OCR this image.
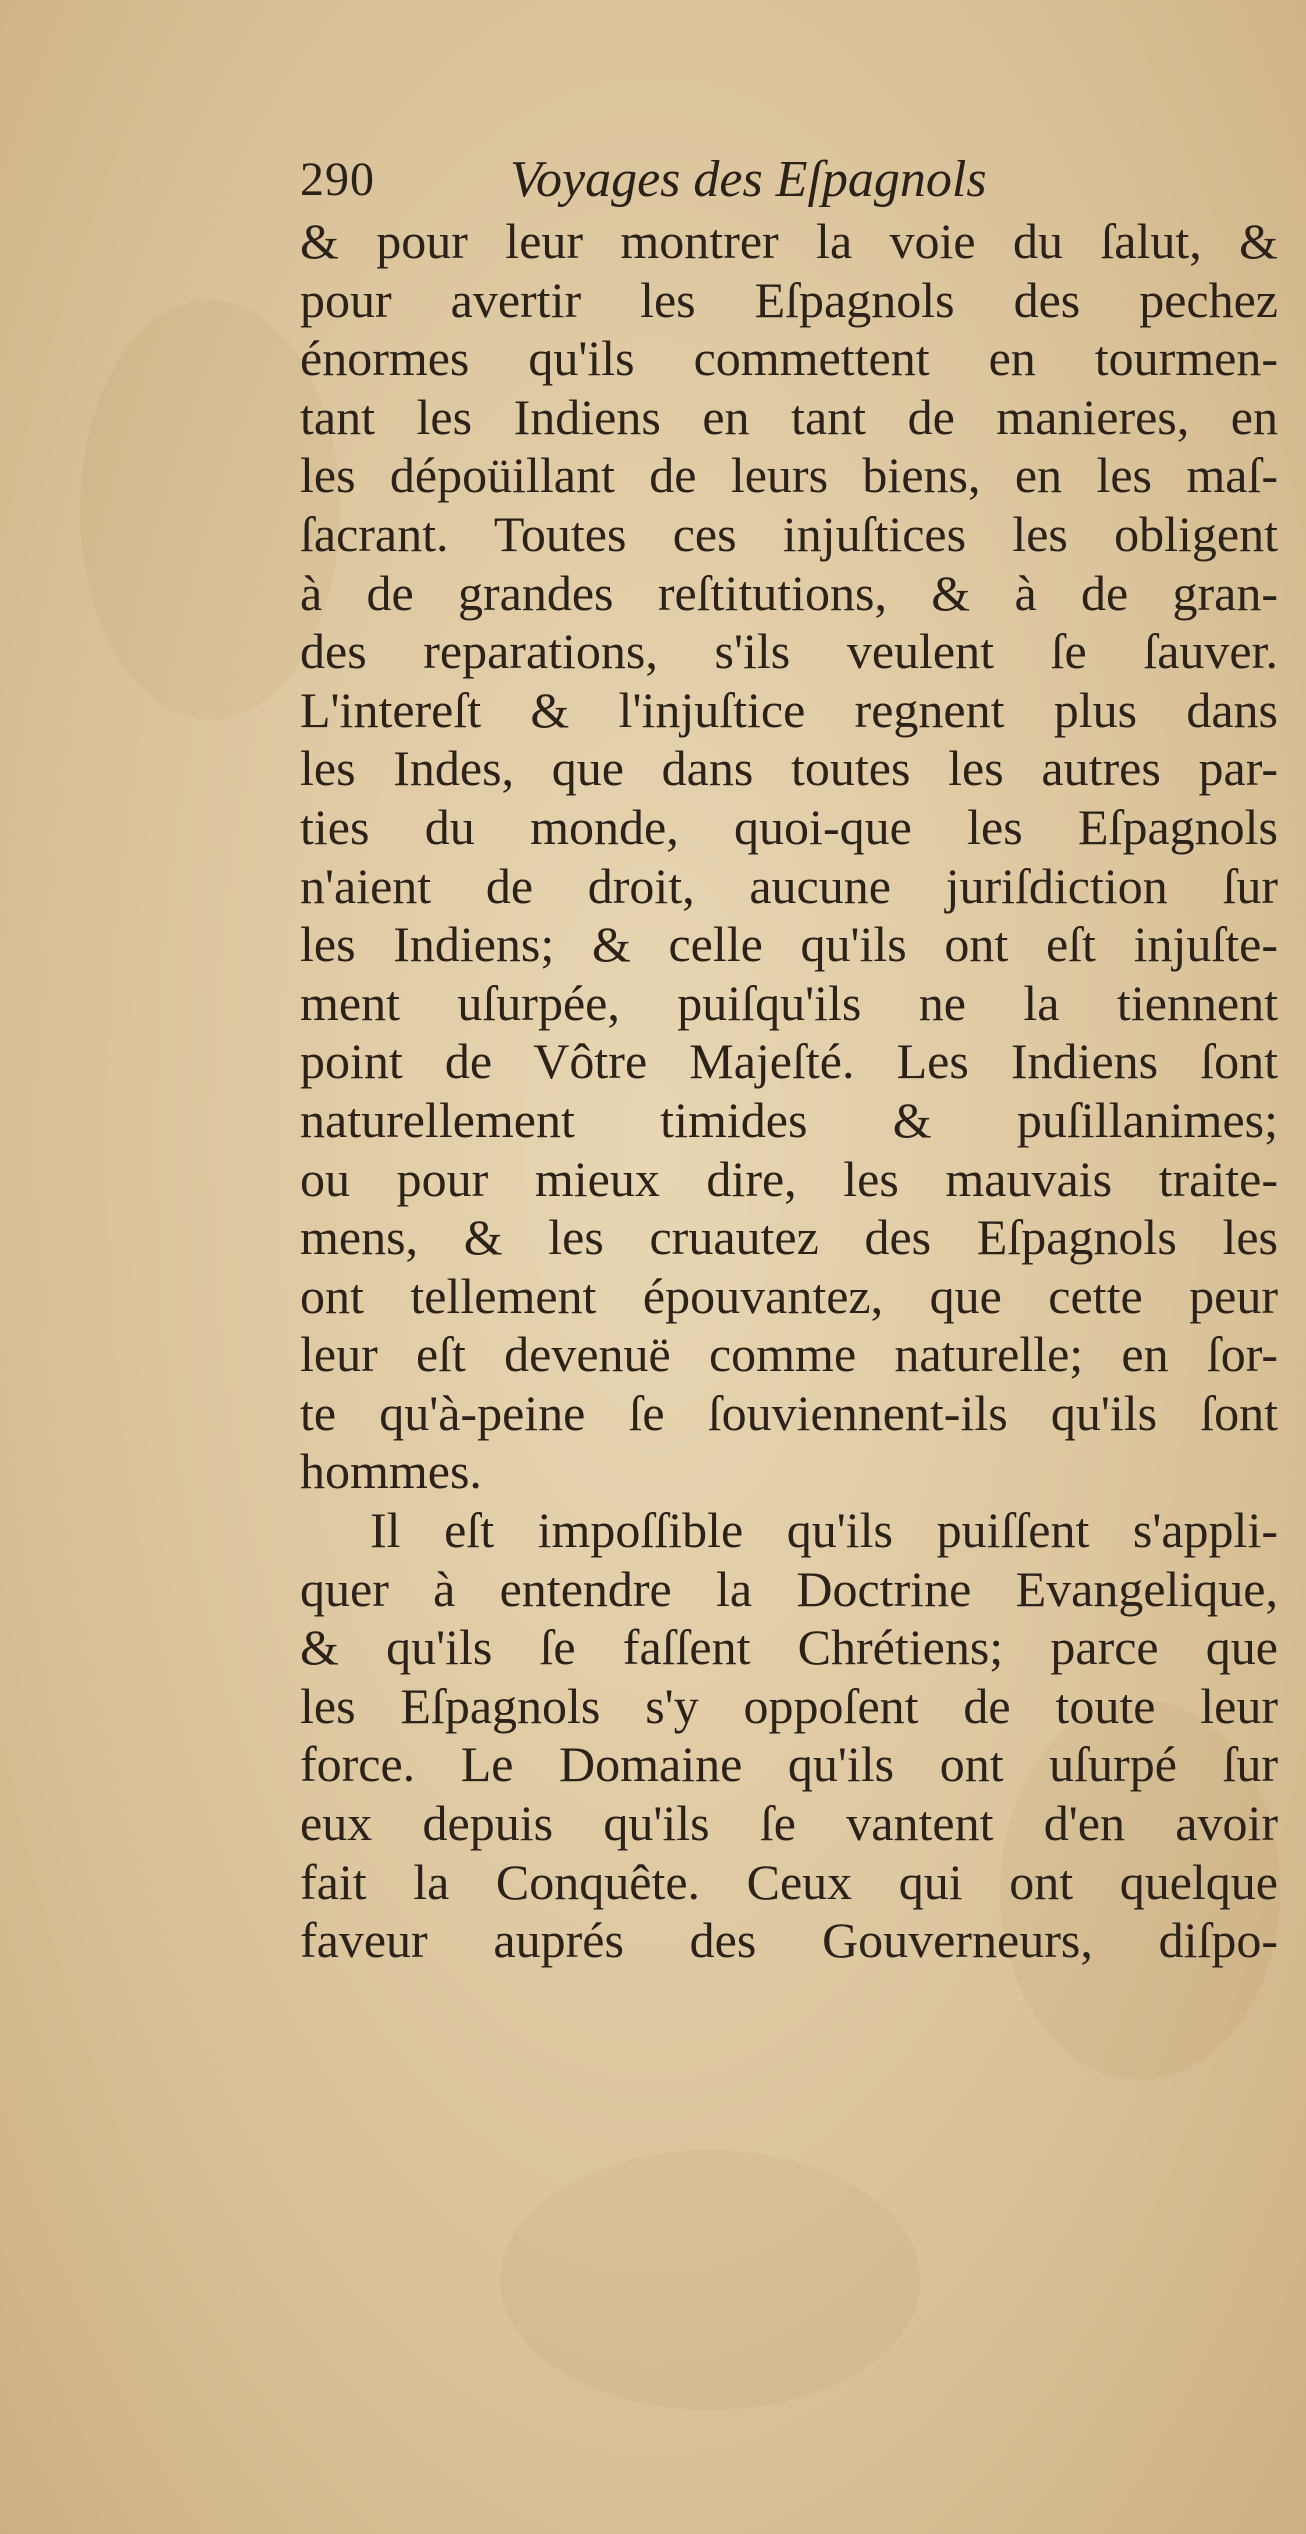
290	Voyages des Eſpagnols
& pour leur montrer la voie du ſalut, &
pour avertir les Eſpagnols des pechez
énormes qu'ils commettent en tourmen-
tant les Indiens en tant de manieres, en
les dépoüillant de leurs biens, en les maſ-
ſacrant. Toutes ces injuſtices les obligent
à de grandes reſtitutions, & à de gran-
des reparations, s'ils veulent ſe ſauver.
L'intereſt & l'injuſtice regnent plus dans
les Indes, que dans toutes les autres par-
ties du monde, quoi-que les Eſpagnols
n'aient de droit, aucune juriſdiction ſur
les Indiens; & celle qu'ils ont eſt injuſte-
ment uſurpée, puiſqu'ils ne la tiennent
point de Vôtre Majeſté. Les Indiens ſont
naturellement timides & puſillanimes;
ou pour mieux dire, les mauvais traite-
mens, & les cruautez des Eſpagnols les
ont tellement épouvantez, que cette peur
leur eſt devenuë comme naturelle; en ſor-
te qu'à-peine ſe ſouviennent-ils qu'ils ſont
hommes.
Il eſt impoſſible qu'ils puiſſent s'appli-
quer à entendre la Doctrine Evangelique,
& qu'ils ſe faſſent Chrétiens; parce que
les Eſpagnols s'y oppoſent de toute leur
force. Le Domaine qu'ils ont uſurpé ſur
eux depuis qu'ils ſe vantent d'en avoir
fait la Conquête. Ceux qui ont quelque
faveur auprés des Gouverneurs, diſpo-
